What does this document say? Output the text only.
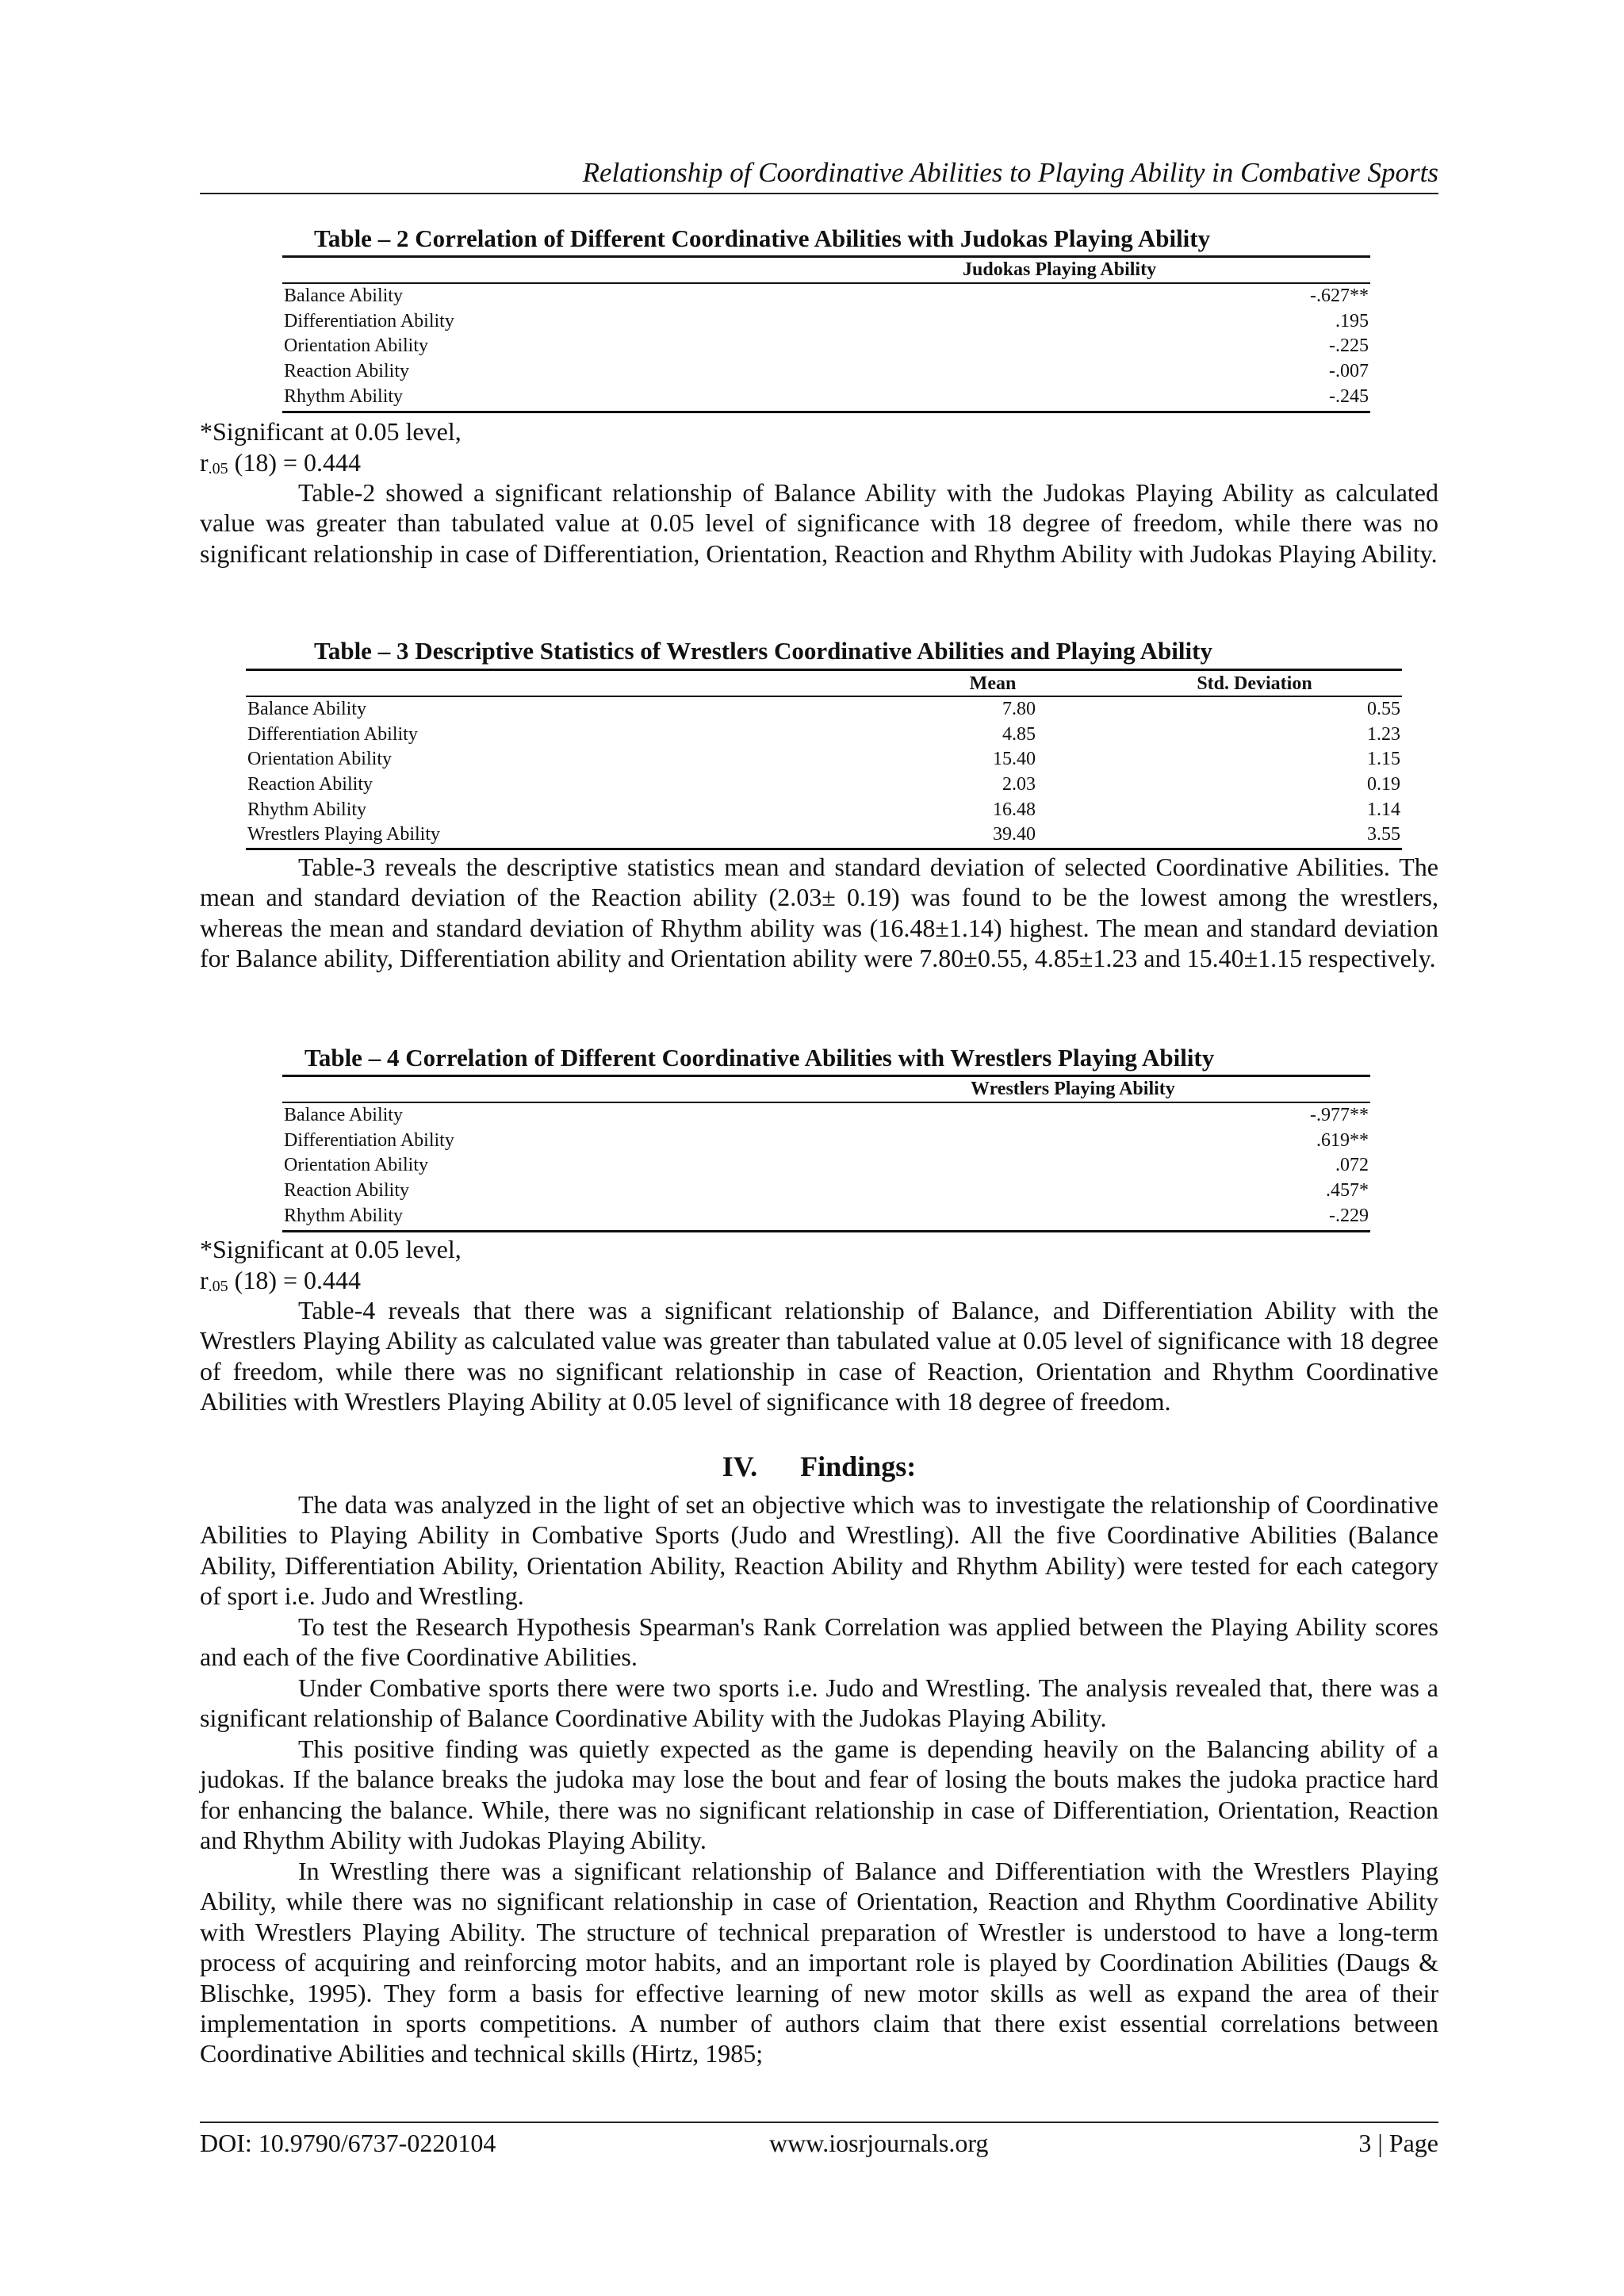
Relationship of Coordinative Abilities to Playing Ability in Combative Sports
Table – 2 Correlation of Different Coordinative Abilities with Judokas Playing Ability
Judokas Playing Ability
Balance Ability	-.627**
Differentiation Ability	.195
Orientation Ability	-.225
Reaction Ability	-.007
Rhythm Ability	-.245
*Significant at 0.05 level,
$r_{.05}$ (18) = 0.444

Table-2 showed a significant relationship of Balance Ability with the Judokas Playing Ability as calculated value was greater than tabulated value at 0.05 level of significance with 18 degree of freedom, while there was no significant relationship in case of Differentiation, Orientation, Reaction and Rhythm Ability with Judokas Playing Ability.

Table – 3 Descriptive Statistics of Wrestlers Coordinative Abilities and Playing Ability
Mean	Std. Deviation
Balance Ability	7.80	0.55
Differentiation Ability	4.85	1.23
Orientation Ability	15.40	1.15
Reaction Ability	2.03	0.19
Rhythm Ability	16.48	1.14
Wrestlers Playing Ability	39.40	3.55

Table-3 reveals the descriptive statistics mean and standard deviation of selected Coordinative Abilities. The mean and standard deviation of the Reaction ability (2.03± 0.19) was found to be the lowest among the wrestlers, whereas the mean and standard deviation of Rhythm ability was (16.48±1.14) highest. The mean and standard deviation for Balance ability, Differentiation ability and Orientation ability were 7.80±0.55, 4.85±1.23 and 15.40±1.15 respectively.

Table – 4 Correlation of Different Coordinative Abilities with Wrestlers Playing Ability
Wrestlers Playing Ability
Balance Ability	-.977**
Differentiation Ability	.619**
Orientation Ability	.072
Reaction Ability	.457*
Rhythm Ability	-.229
*Significant at 0.05 level,
$r_{.05}$ (18) = 0.444

Table-4 reveals that there was a significant relationship of Balance, and Differentiation Ability with the Wrestlers Playing Ability as calculated value was greater than tabulated value at 0.05 level of significance with 18 degree of freedom, while there was no significant relationship in case of Reaction, Orientation and Rhythm Coordinative Abilities with Wrestlers Playing Ability at 0.05 level of significance with 18 degree of freedom.

IV.      Findings:

The data was analyzed in the light of set an objective which was to investigate the relationship of Coordinative Abilities to Playing Ability in Combative Sports (Judo and Wrestling). All the five Coordinative Abilities (Balance Ability, Differentiation Ability, Orientation Ability, Reaction Ability and Rhythm Ability) were tested for each category of sport i.e. Judo and Wrestling.

To test the Research Hypothesis Spearman's Rank Correlation was applied between the Playing Ability scores and each of the five Coordinative Abilities.

Under Combative sports there were two sports i.e. Judo and Wrestling. The analysis revealed that, there was a significant relationship of Balance Coordinative Ability with the Judokas Playing Ability.

This positive finding was quietly expected as the game is depending heavily on the Balancing ability of a judokas. If the balance breaks the judoka may lose the bout and fear of losing the bouts makes the judoka practice hard for enhancing the balance. While, there was no significant relationship in case of Differentiation, Orientation, Reaction and Rhythm Ability with Judokas Playing Ability.

In Wrestling there was a significant relationship of Balance and Differentiation with the Wrestlers Playing Ability, while there was no significant relationship in case of Orientation, Reaction and Rhythm Coordinative Ability with Wrestlers Playing Ability. The structure of technical preparation of Wrestler is understood to have a long-term process of acquiring and reinforcing motor habits, and an important role is played by Coordination Abilities (Daugs & Blischke, 1995). They form a basis for effective learning of new motor skills as well as expand the area of their implementation in sports competitions. A number of authors claim that there exist essential correlations between Coordinative Abilities and technical skills (Hirtz, 1985;

DOI: 10.9790/6737-0220104	www.iosrjournals.org	3 | Page
